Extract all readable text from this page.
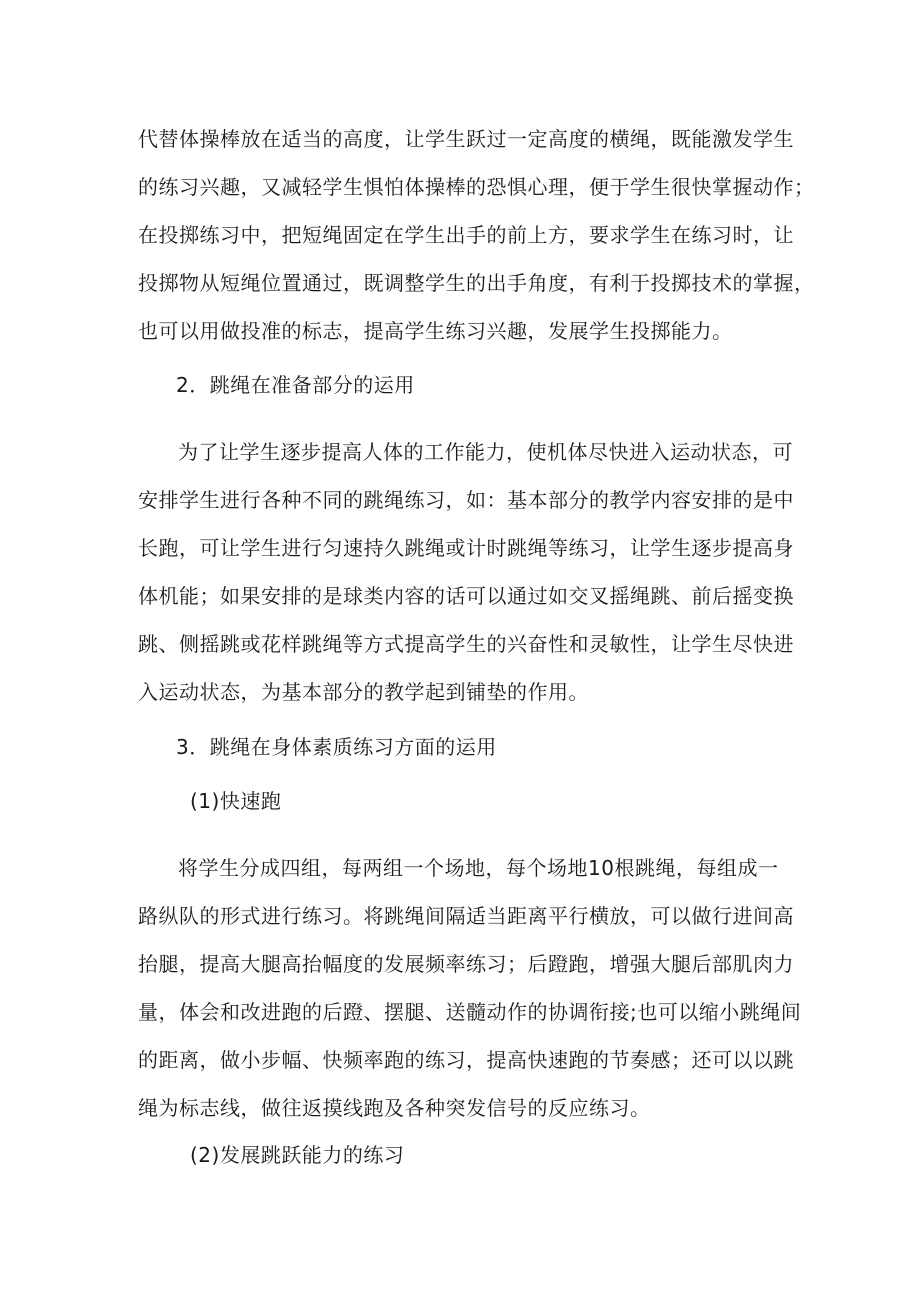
代替体操棒放在适当的高度，让学生跃过一定高度的横绳，既能激发学生
的练习兴趣，又减轻学生惧怕体操棒的恐惧心理，便于学生很快掌握动作；
在投掷练习中，把短绳固定在学生出手的前上方，要求学生在练习时，让
投掷物从短绳位置通过，既调整学生的出手角度，有利于投掷技术的掌握，
也可以用做投准的标志，提高学生练习兴趣，发展学生投掷能力。

2．跳绳在准备部分的运用

为了让学生逐步提高人体的工作能力，使机体尽快进入运动状态，可
安排学生进行各种不同的跳绳练习，如：基本部分的教学内容安排的是中
长跑，可让学生进行匀速持久跳绳或计时跳绳等练习，让学生逐步提高身
体机能；如果安排的是球类内容的话可以通过如交叉摇绳跳、前后摇变换
跳、侧摇跳或花样跳绳等方式提高学生的兴奋性和灵敏性，让学生尽快进
入运动状态，为基本部分的教学起到铺垫的作用。

3．跳绳在身体素质练习方面的运用

(1)快速跑

将学生分成四组，每两组一个场地，每个场地10根跳绳，每组成一
路纵队的形式进行练习。将跳绳间隔适当距离平行横放，可以做行进间高
抬腿，提高大腿高抬幅度的发展频率练习；后蹬跑，增强大腿后部肌肉力
量，体会和改进跑的后蹬、摆腿、送髓动作的协调衔接;也可以缩小跳绳间
的距离，做小步幅、快频率跑的练习，提高快速跑的节奏感；还可以以跳
绳为标志线，做往返摸线跑及各种突发信号的反应练习。

(2)发展跳跃能力的练习
